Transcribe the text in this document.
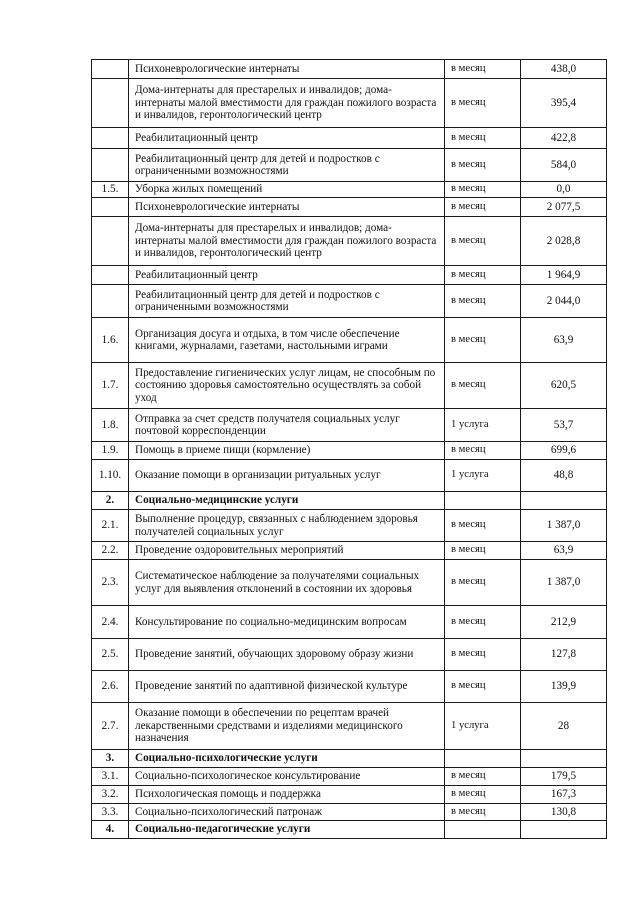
	Психоневрологические интернаты	в месяц	438,0
	Дома-интернаты для престарелых и инвалидов; дома-интернаты малой вместимости для граждан пожилого возраста и инвалидов, геронтологический центр	в месяц	395,4
	Реабилитационный центр	в месяц	422,8
	Реабилитационный центр для детей и подростков с ограниченными возможностями	в месяц	584,0
1.5.	Уборка жилых помещений	в месяц	0,0
	Психоневрологические интернаты	в месяц	2 077,5
	Дома-интернаты для престарелых и инвалидов; дома-интернаты малой вместимости для граждан пожилого возраста и инвалидов, геронтологический центр	в месяц	2 028,8
	Реабилитационный центр	в месяц	1 964,9
	Реабилитационный центр для детей и подростков с ограниченными возможностями	в месяц	2 044,0
1.6.	Организация досуга и отдыха, в том числе обеспечение книгами, журналами, газетами, настольными играми	в месяц	63,9
1.7.	Предоставление гигиенических услуг лицам, не способным по состоянию здоровья самостоятельно осуществлять за собой уход	в месяц	620,5
1.8.	Отправка за счет средств получателя социальных услуг почтовой корреспонденции	1 услуга	53,7
1.9.	Помощь в приеме пищи (кормление)	в месяц	699,6
1.10.	Оказание помощи в организации ритуальных услуг	1 услуга	48,8
2.	Социально-медицинские услуги		
2.1.	Выполнение процедур, связанных с наблюдением здоровья получателей социальных услуг	в месяц	1 387,0
2.2.	Проведение оздоровительных мероприятий	в месяц	63,9
2.3.	Систематическое наблюдение за получателями социальных услуг для выявления отклонений в состоянии их здоровья	в месяц	1 387,0
2.4.	Консультирование по социально-медицинским вопросам	в месяц	212,9
2.5.	Проведение занятий, обучающих здоровому образу жизни	в месяц	127,8
2.6.	Проведение занятий по адаптивной физической культуре	в месяц	139,9
2.7.	Оказание помощи в обеспечении по рецептам врачей лекарственными средствами и изделиями медицинского назначения	1 услуга	28
3.	Социально-психологические услуги		
3.1.	Социально-психологическое консультирование	в месяц	179,5
3.2.	Психологическая помощь и поддержка	в месяц	167,3
3.3.	Социально-психологический патронаж	в месяц	130,8
4.	Социально-педагогические услуги		
